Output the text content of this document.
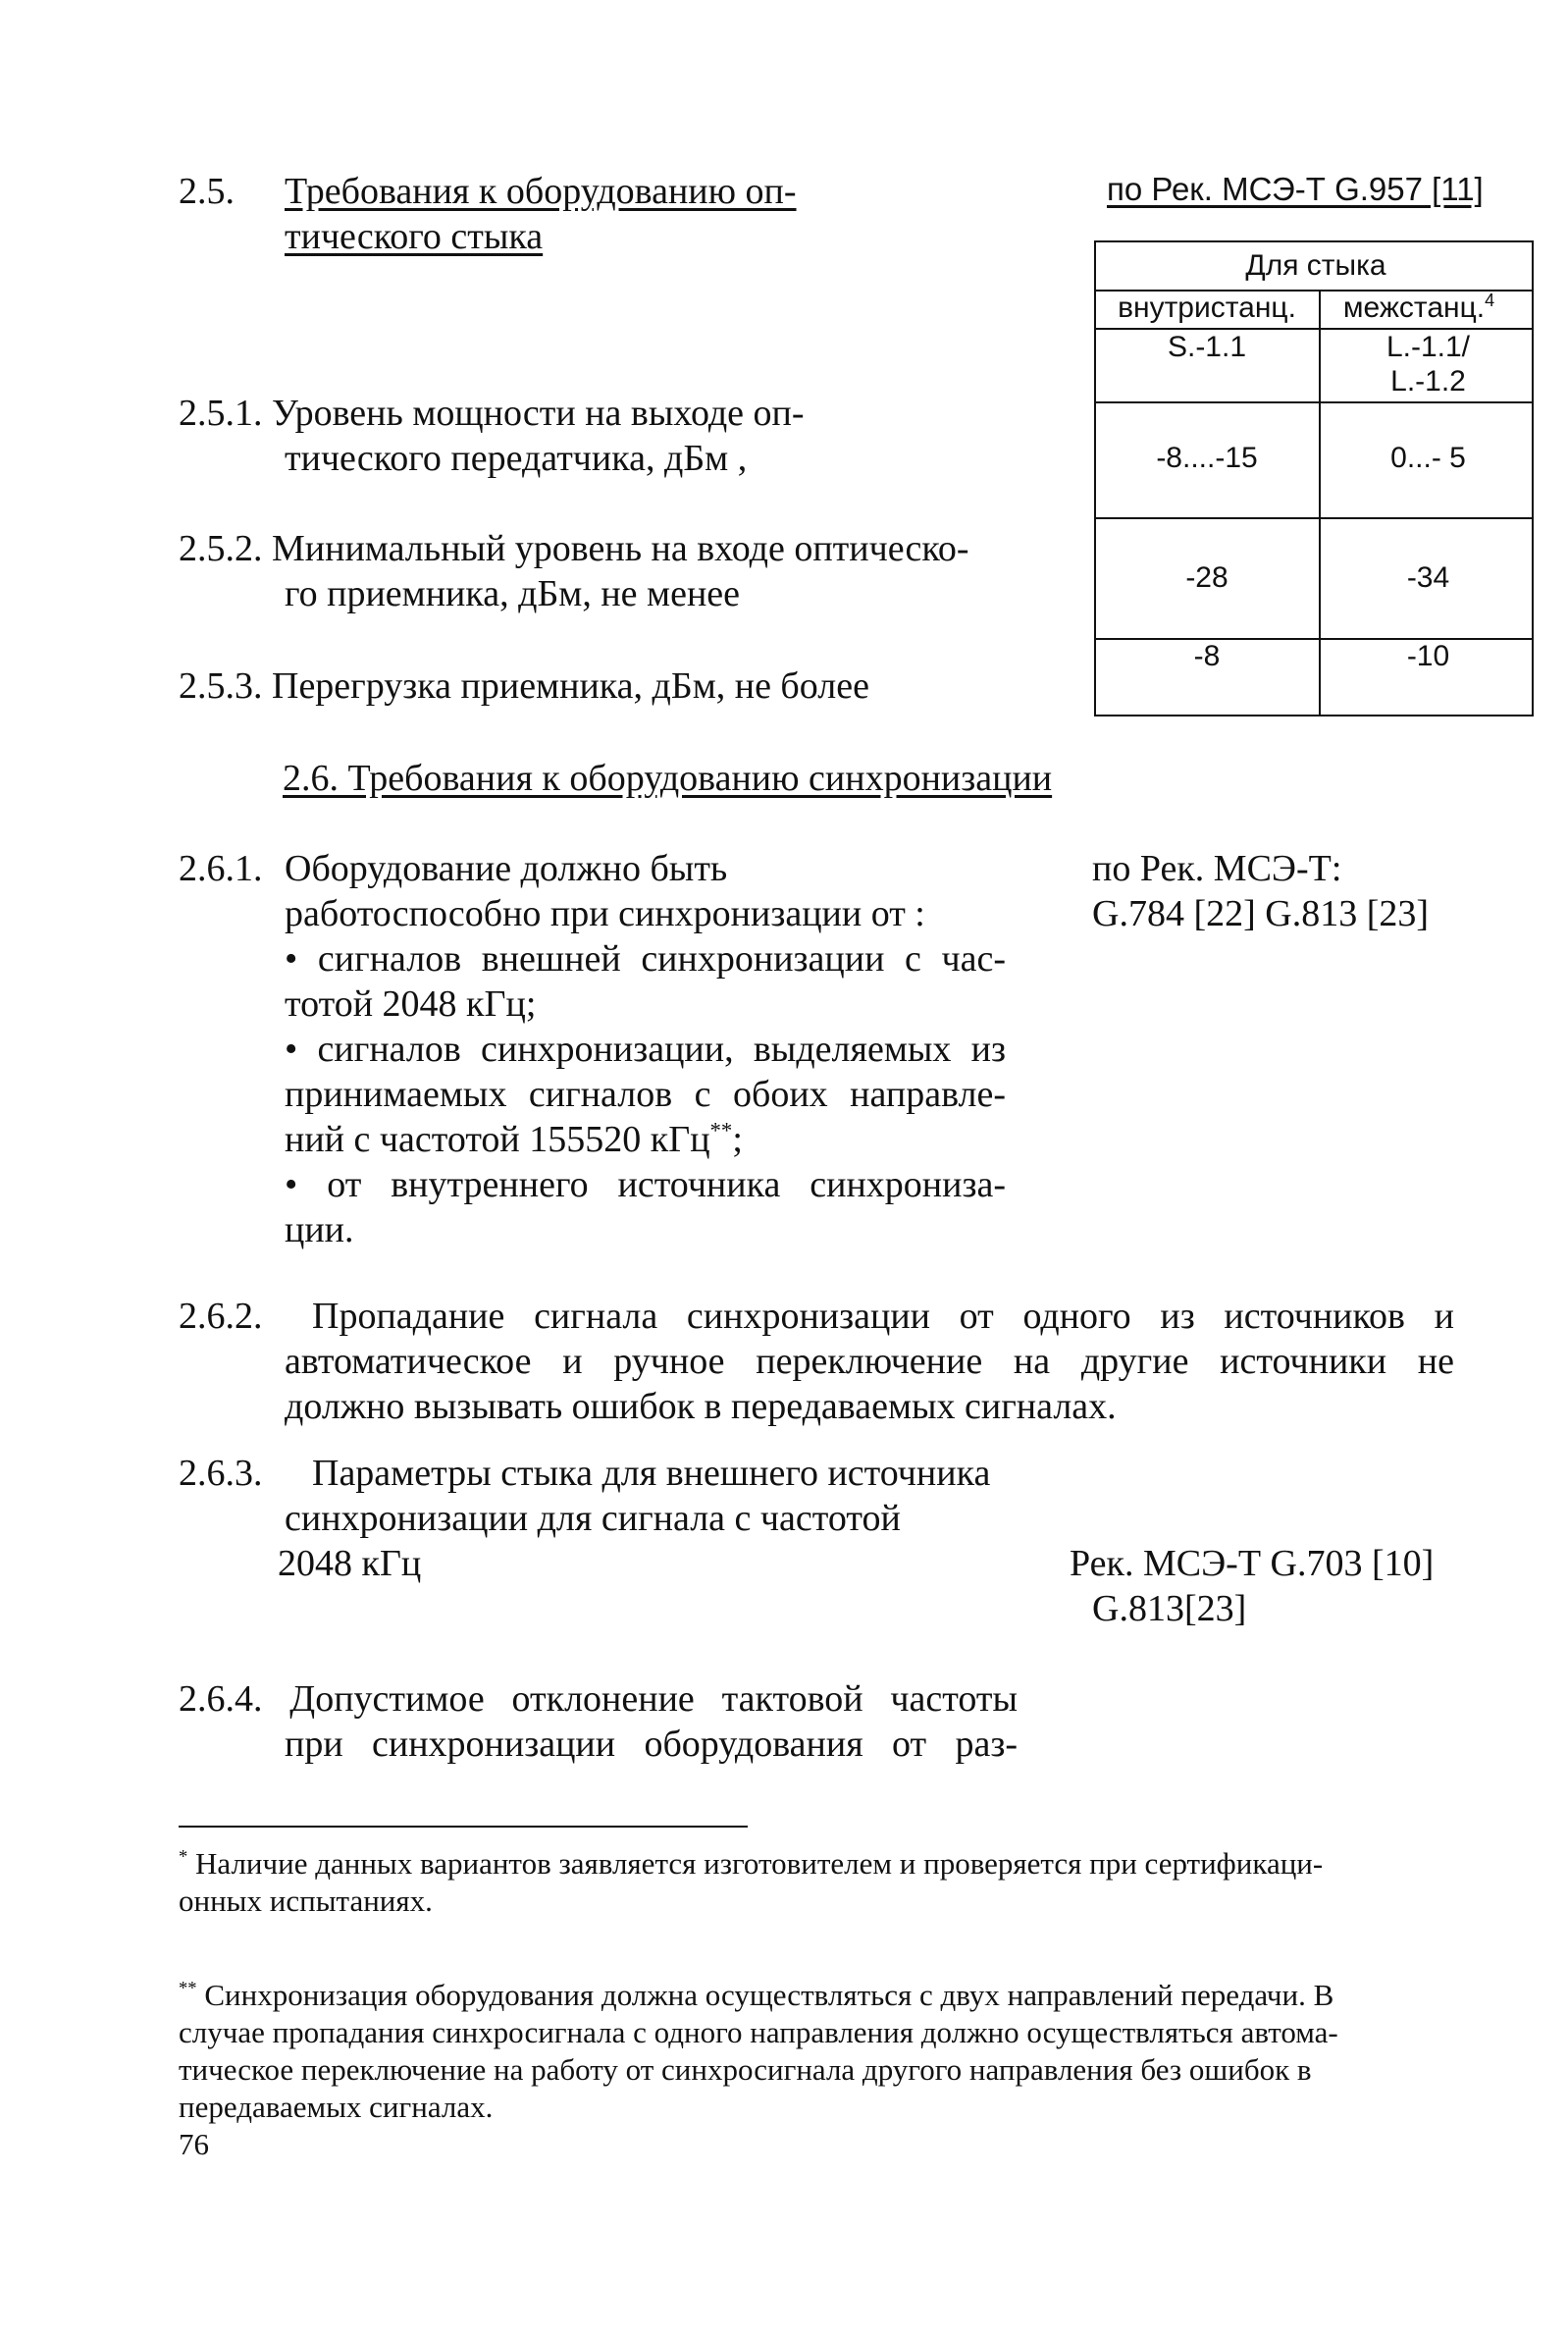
2.5. Требования к оборудованию оп-
тического стыка
по Рек. МСЭ-Т G.957 [11]
Для стыка
внутристанц.	межстанц.$^4$
S.-1.1	L.-1.1/
L.-1.2
-8....-15	0...- 5
-28	-34
-8	-10
2.5.1. Уровень мощности на выходе оп-
тического передатчика, дБм ,
2.5.2. Минимальный уровень на входе оптическо-
го приемника, дБм, не менее
2.5.3. Перегрузка приемника, дБм, не более
2.6. Требования к оборудованию синхронизации
2.6.1. Оборудование должно быть
работоспособно при синхронизации от :
• сигналов внешней синхронизации с час-
тотой 2048 кГц;
• сигналов синхронизации, выделяемых из
принимаемых сигналов с обоих направле-
ний с частотой 155520 кГц**;
• от внутреннего источника синхрониза-
ции.
по Рек. МСЭ-Т:
G.784 [22] G.813 [23]
2.6.2. Пропадание сигнала синхронизации от одного из источников и
автоматическое и ручное переключение на другие источники не
должно вызывать ошибок в передаваемых сигналах.
2.6.3. Параметры стыка для внешнего источника
синхронизации для сигнала с частотой
2048 кГц	Рек. МСЭ-Т G.703 [10]
G.813[23]
2.6.4. Допустимое отклонение тактовой частоты
при синхронизации оборудования от раз-
* Наличие данных вариантов заявляется изготовителем и проверяется при сертификаци-
онных испытаниях.
** Синхронизация оборудования должна осуществляться с двух направлений передачи. В
случае пропадания синхросигнала с одного направления должно осуществляться автома-
тическое переключение на работу от синхросигнала другого направления без ошибок в
передаваемых сигналах.
76
